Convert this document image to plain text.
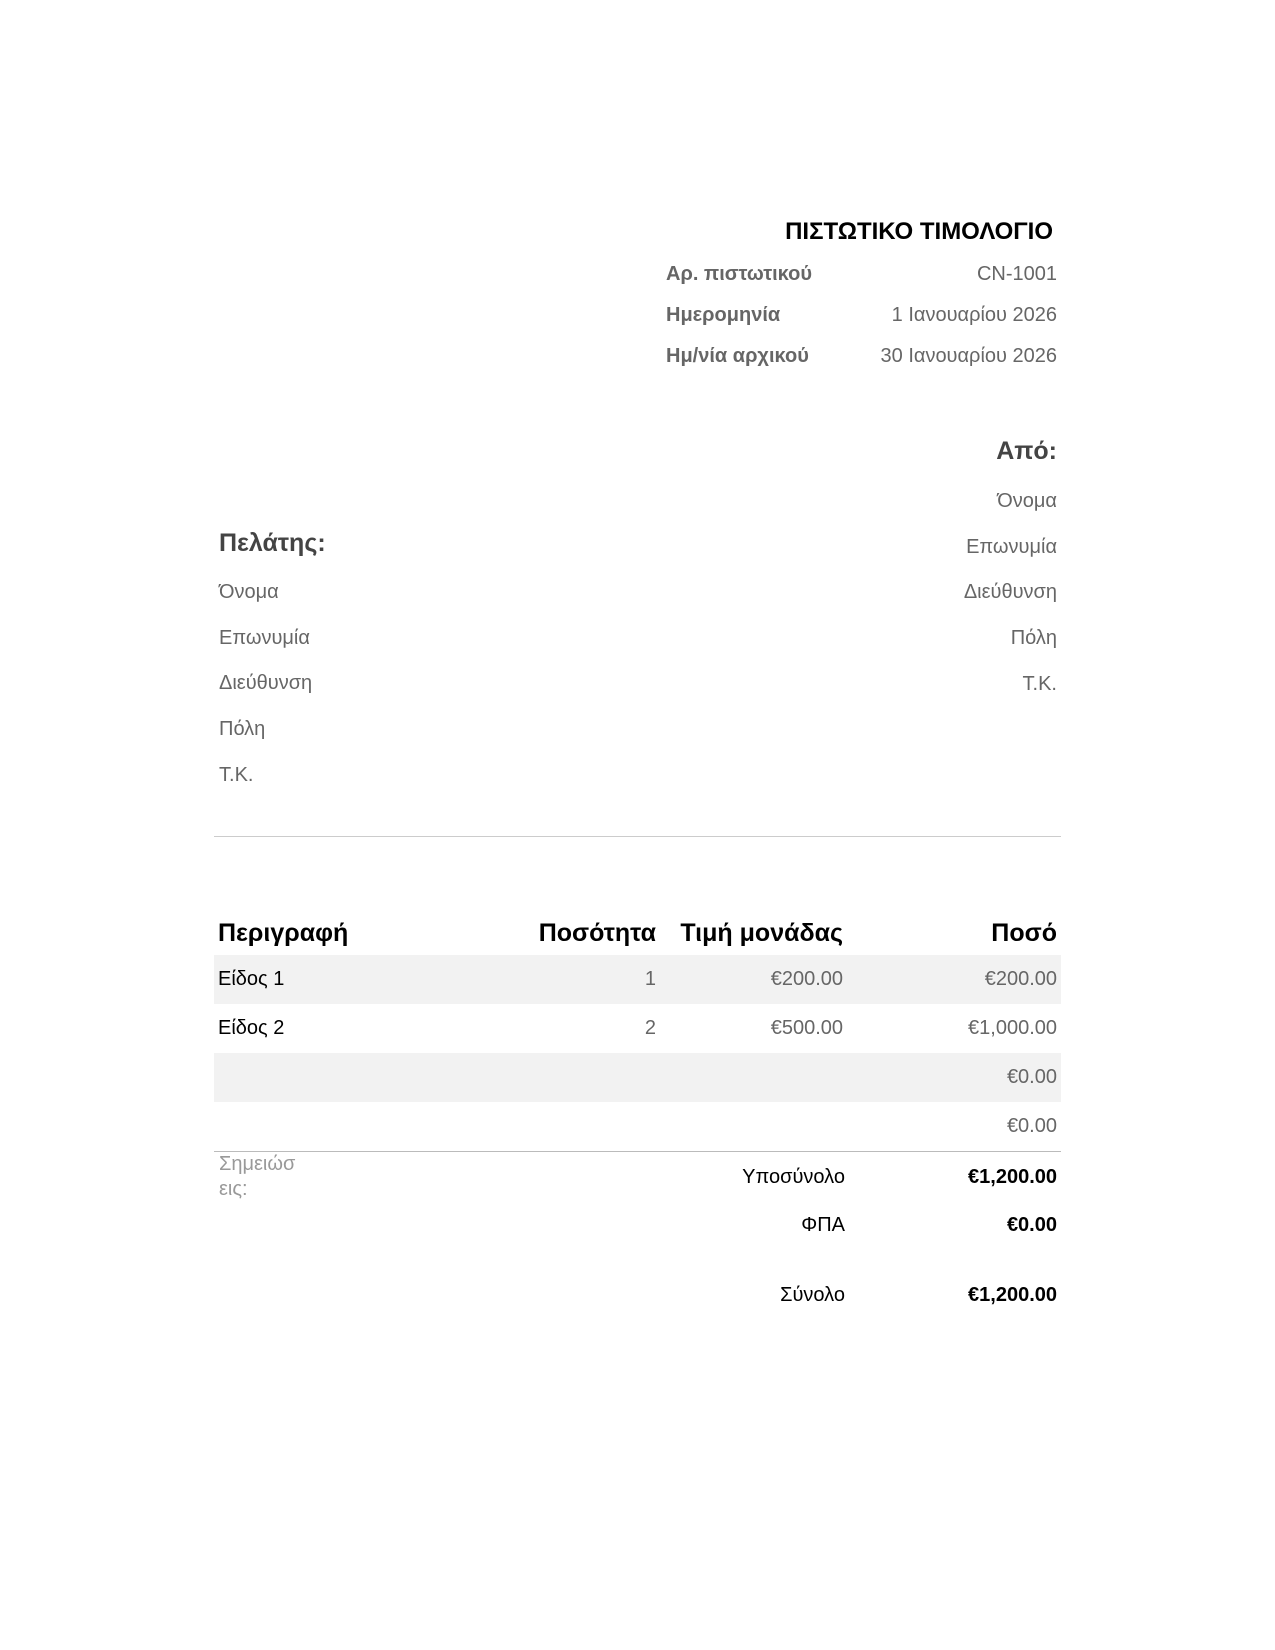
ΠΙΣΤΩΤΙΚΟ ΤΙΜΟΛΟΓΙΟ
Αρ. πιστωτικού	CN-1001
Ημερομηνία	1 Ιανουαρίου 2026
Ημ/νία αρχικού	30 Ιανουαρίου 2026
Από:
Όνομα
Επωνυμία
Διεύθυνση
Πόλη
Τ.Κ.
Πελάτης:
Όνομα
Επωνυμία
Διεύθυνση
Πόλη
Τ.Κ.
Περιγραφή	Ποσότητα	Τιμή μονάδας	Ποσό
Είδος 1	1	€200.00	€200.00
Είδος 2	2	€500.00	€1,000.00
			€0.00
			€0.00
Σημειώσεις:
Υποσύνολο	€1,200.00
ΦΠΑ	€0.00
Σύνολο	€1,200.00
